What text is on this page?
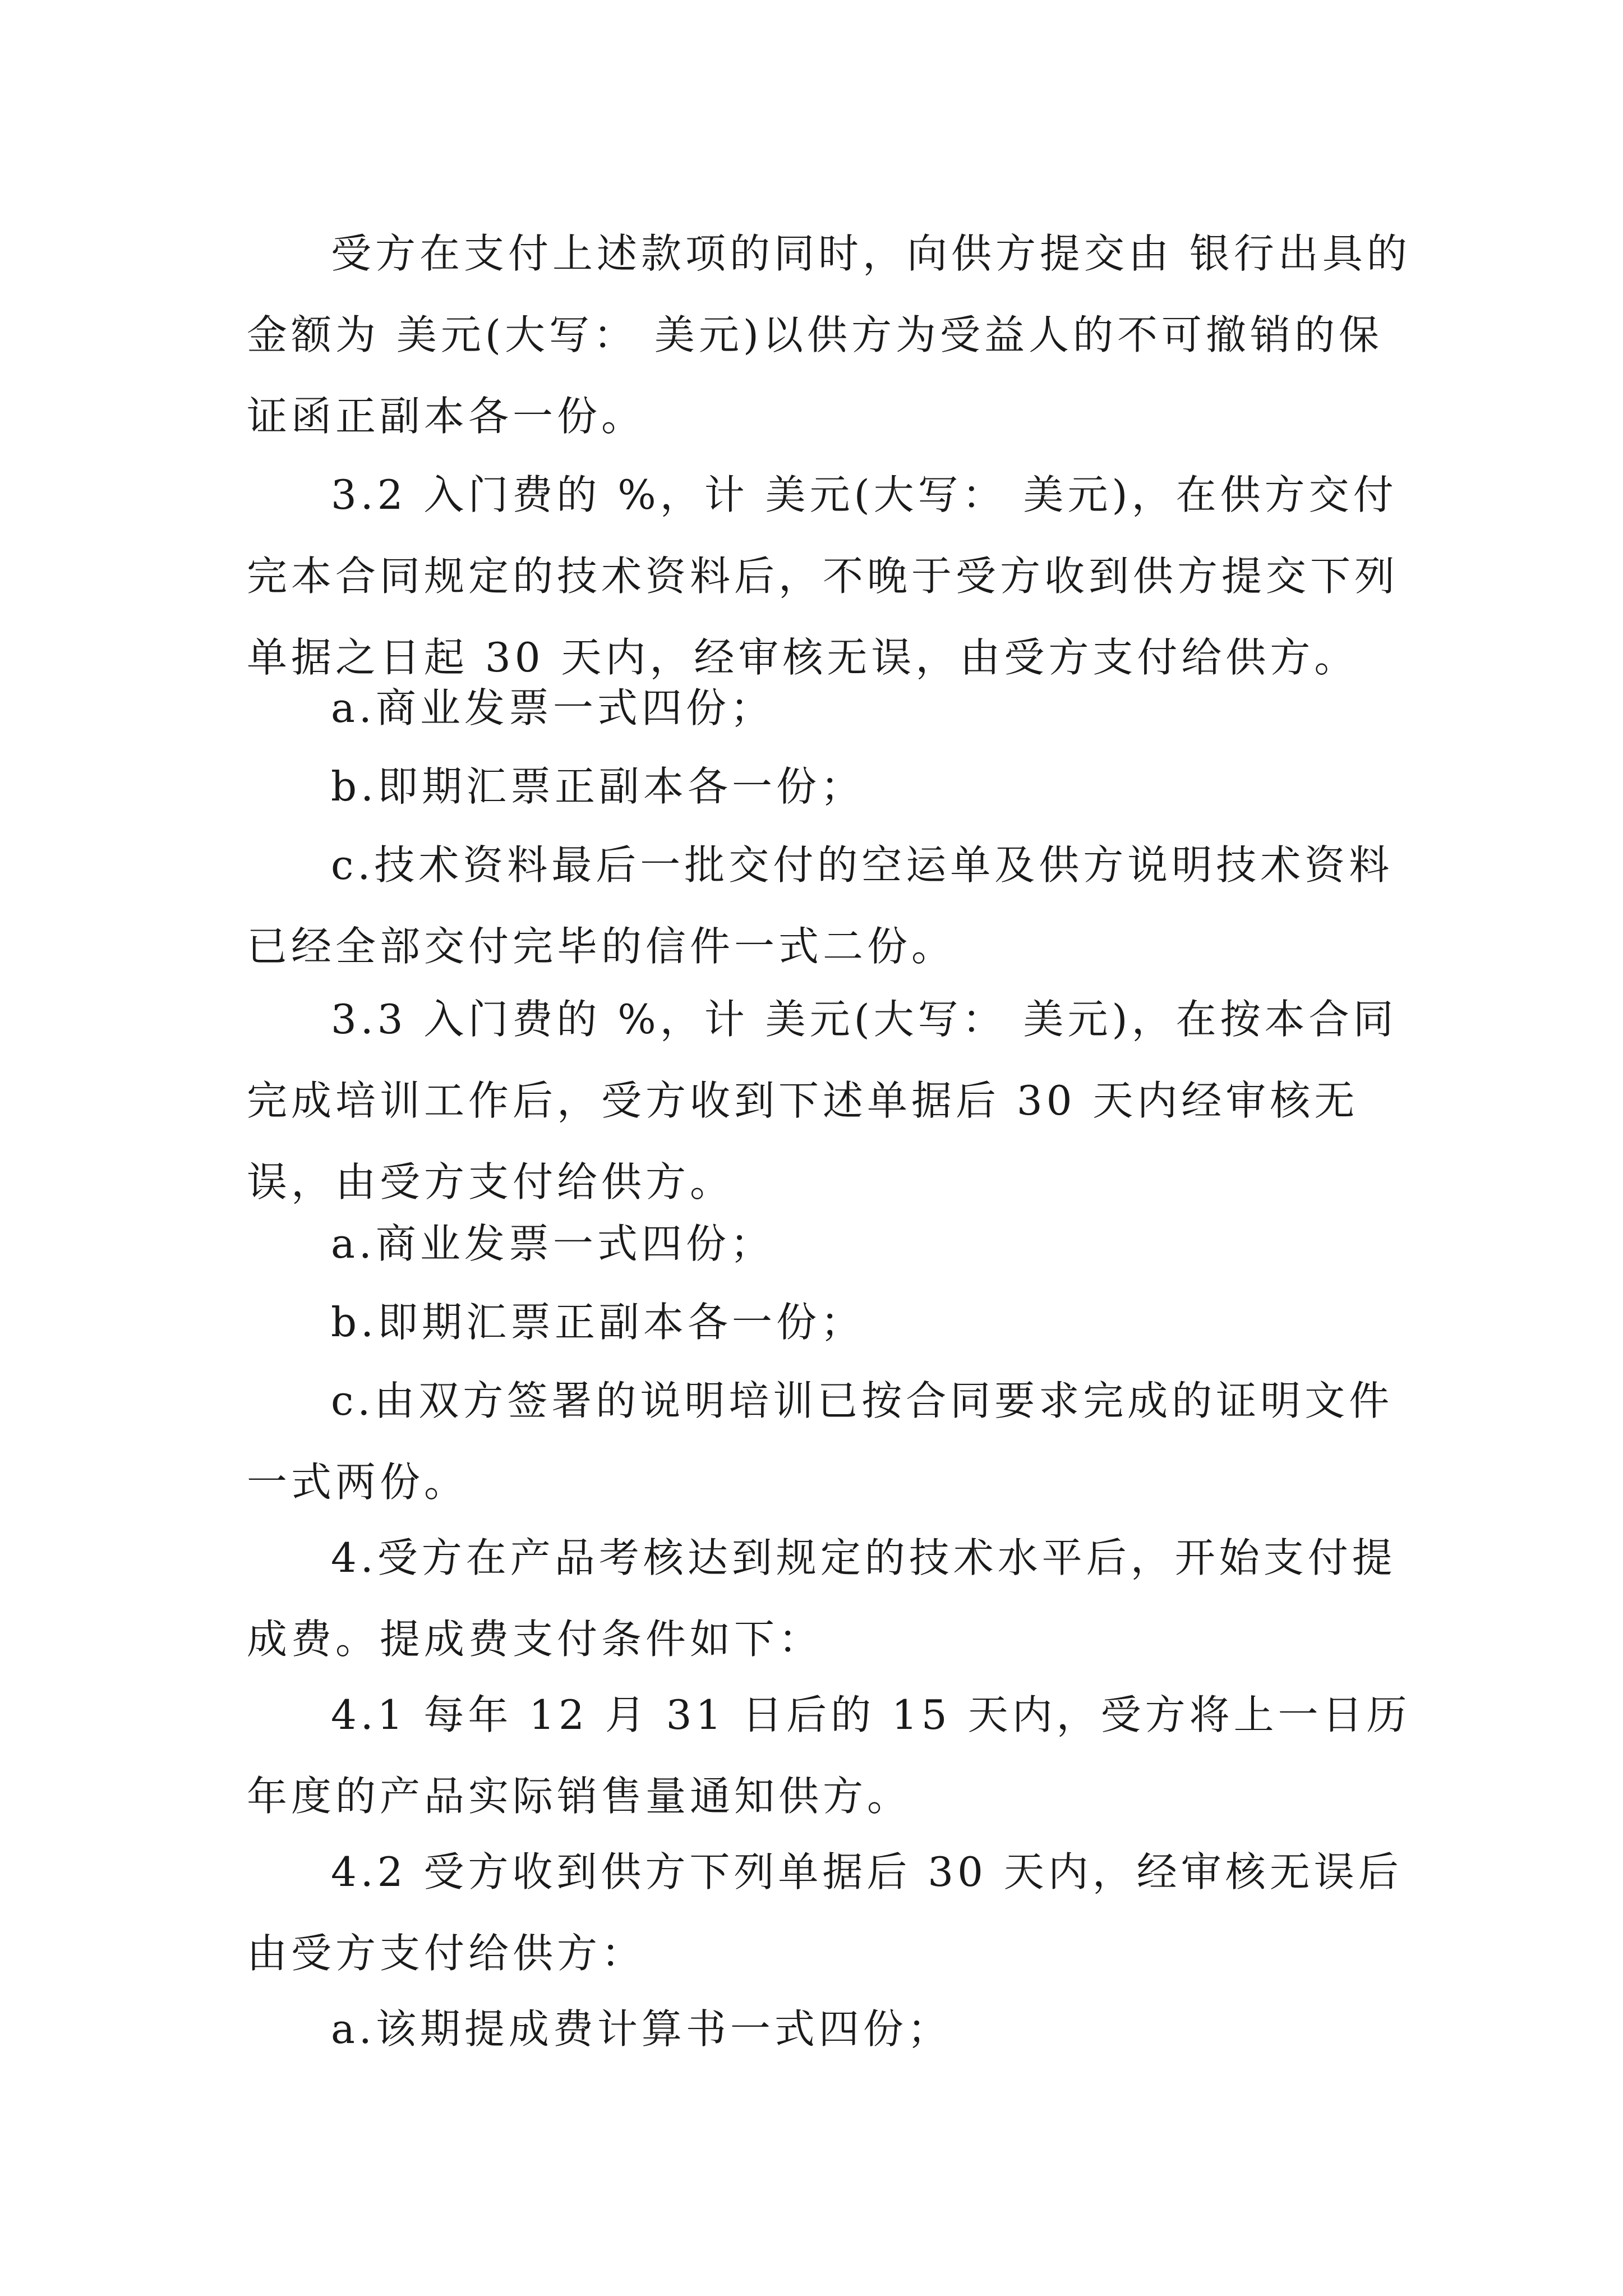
受方在支付上述款项的同时，向供方提交由 银行出具的金额为 美元(大写： 美元)以供方为受益人的不可撤销的保证函正副本各一份。

3.2 入门费的 %，计 美元(大写： 美元)，在供方交付完本合同规定的技术资料后，不晚于受方收到供方提交下列单据之日起 30 天内，经审核无误，由受方支付给供方。

a.商业发票一式四份；

b.即期汇票正副本各一份；

c.技术资料最后一批交付的空运单及供方说明技术资料已经全部交付完毕的信件一式二份。

3.3 入门费的 %，计 美元(大写： 美元)，在按本合同完成培训工作后，受方收到下述单据后 30 天内经审核无误，由受方支付给供方。

a.商业发票一式四份；

b.即期汇票正副本各一份；

c.由双方签署的说明培训已按合同要求完成的证明文件一式两份。

4.受方在产品考核达到规定的技术水平后，开始支付提成费。提成费支付条件如下：

4.1 每年 12 月 31 日后的 15 天内，受方将上一日历年度的产品实际销售量通知供方。

4.2 受方收到供方下列单据后 30 天内，经审核无误后由受方支付给供方：

a.该期提成费计算书一式四份；
